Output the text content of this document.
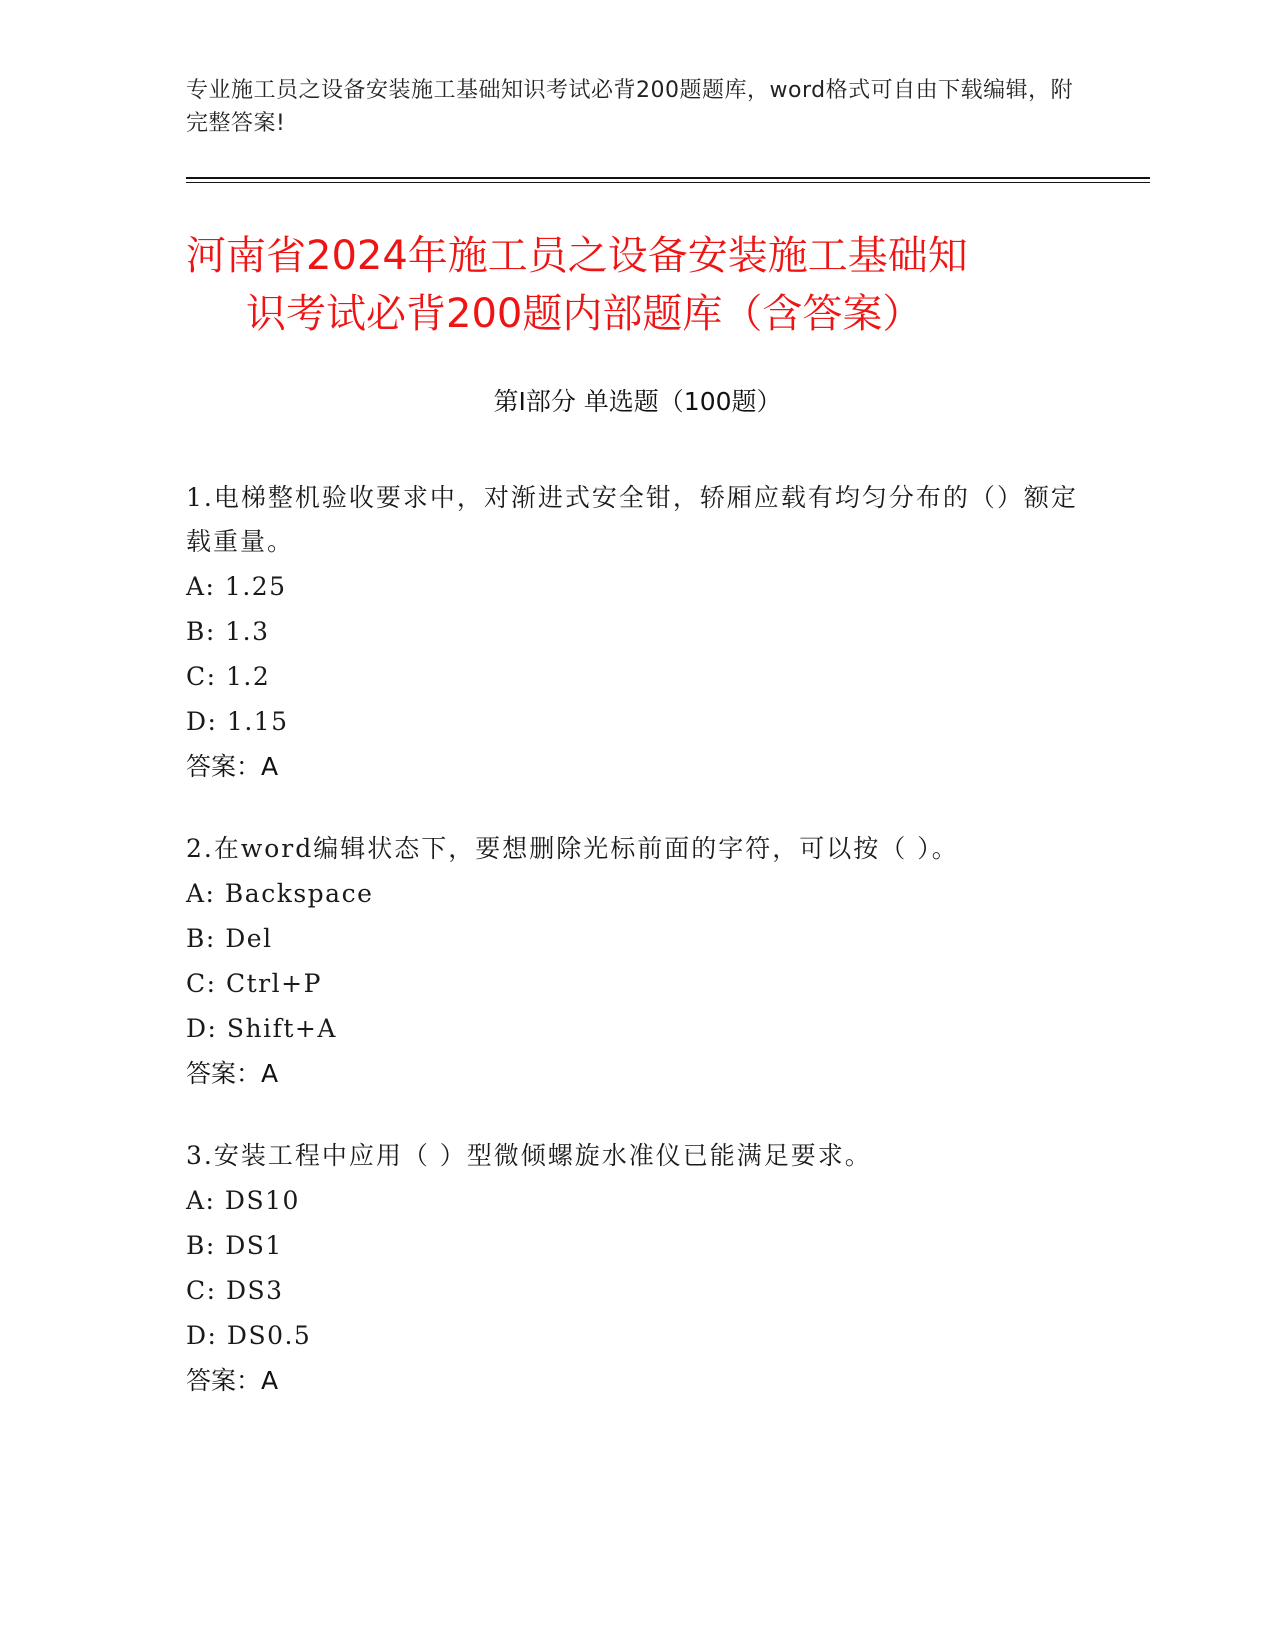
专业施工员之设备安装施工基础知识考试必背200题题库，word格式可自由下载编辑，附完整答案!
河南省2024年施工员之设备安装施工基础知
识考试必背200题内部题库（含答案）
第I部分 单选题（100题）
1.电梯整机验收要求中，对渐进式安全钳，轿厢应载有均匀分布的（）额定载重量。
A: 1.25
B: 1.3
C: 1.2
D: 1.15
答案：A
2.在word编辑状态下，要想删除光标前面的字符，可以按（ ）。
A: Backspace
B: Del
C: Ctrl+P
D: Shift+A
答案：A
3.安装工程中应用（ ）型微倾螺旋水准仪已能满足要求。
A: DS10
B: DS1
C: DS3
D: DS0.5
答案：A
